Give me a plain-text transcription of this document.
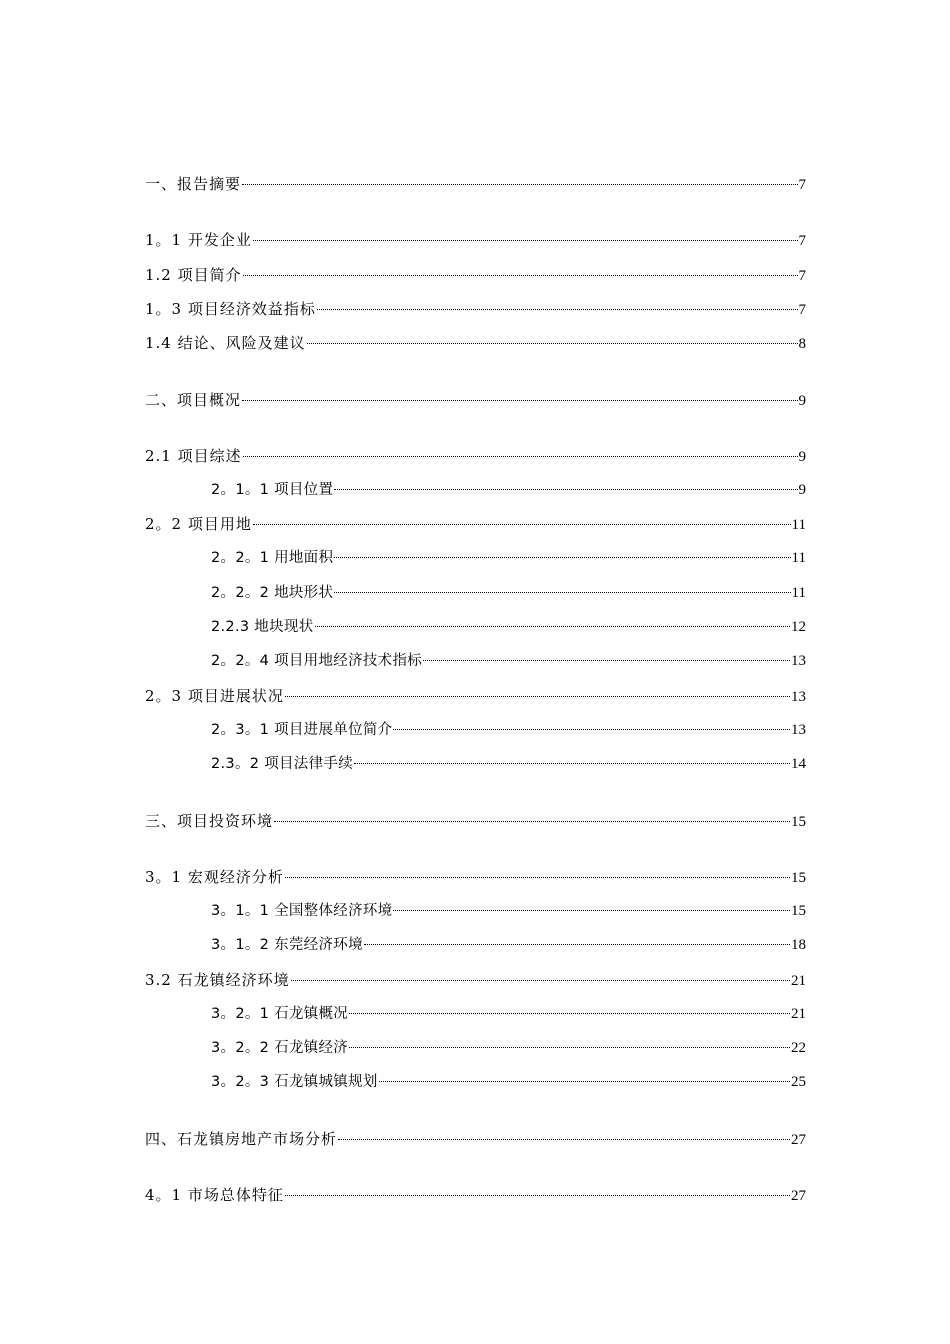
一、报告摘要	7
1。1 开发企业	7
1.2 项目简介	7
1。3 项目经济效益指标	7
1.4 结论、风险及建议	8
二、项目概况	9
2.1 项目综述	9
2。1。1 项目位置	9
2。2 项目用地	11
2。2。1 用地面积	11
2。2。2 地块形状	11
2.2.3 地块现状	12
2。2。4 项目用地经济技术指标	13
2。3 项目进展状况	13
2。3。1 项目进展单位简介	13
2.3。2 项目法律手续	14
三、项目投资环境	15
3。1 宏观经济分析	15
3。1。1 全国整体经济环境	15
3。1。2 东莞经济环境	18
3.2 石龙镇经济环境	21
3。2。1 石龙镇概况	21
3。2。2 石龙镇经济	22
3。2。3 石龙镇城镇规划	25
四、石龙镇房地产市场分析	27
4。1 市场总体特征	27
